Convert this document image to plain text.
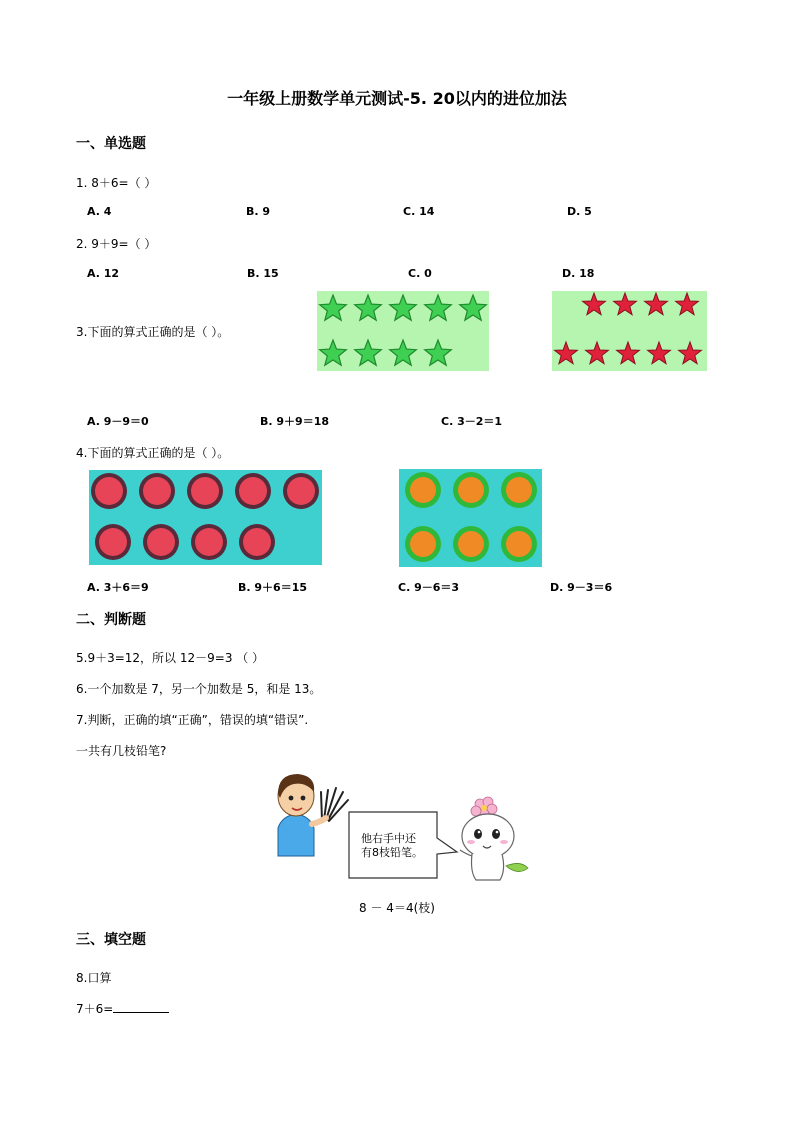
一年级上册数学单元测试-5. 20以内的进位加法
一、单选题
1. 8＋6=（ ）
A. 4	B. 9	C. 14	D. 5
2. 9＋9=（ ）
A. 12	B. 15	C. 0	D. 18
3.下面的算式正确的是（ ）。
A. 9－9＝0	B. 9＋9＝18	C. 3－2＝1
4.下面的算式正确的是（ ）。
A. 3＋6＝9	B. 9＋6＝15	C. 9－6＝3	D. 9－3＝6
二、判断题
5.9＋3=12，所以 12－9=3 （ ）
6.一个加数是 7，另一个加数是 5，和是 13。
7.判断，正确的填“正确”，错误的填“错误”.
一共有几枝铅笔?
他右手中还
有8枝铅笔。
8 － 4＝4(枝)
三、填空题
8.口算
7＋6=
